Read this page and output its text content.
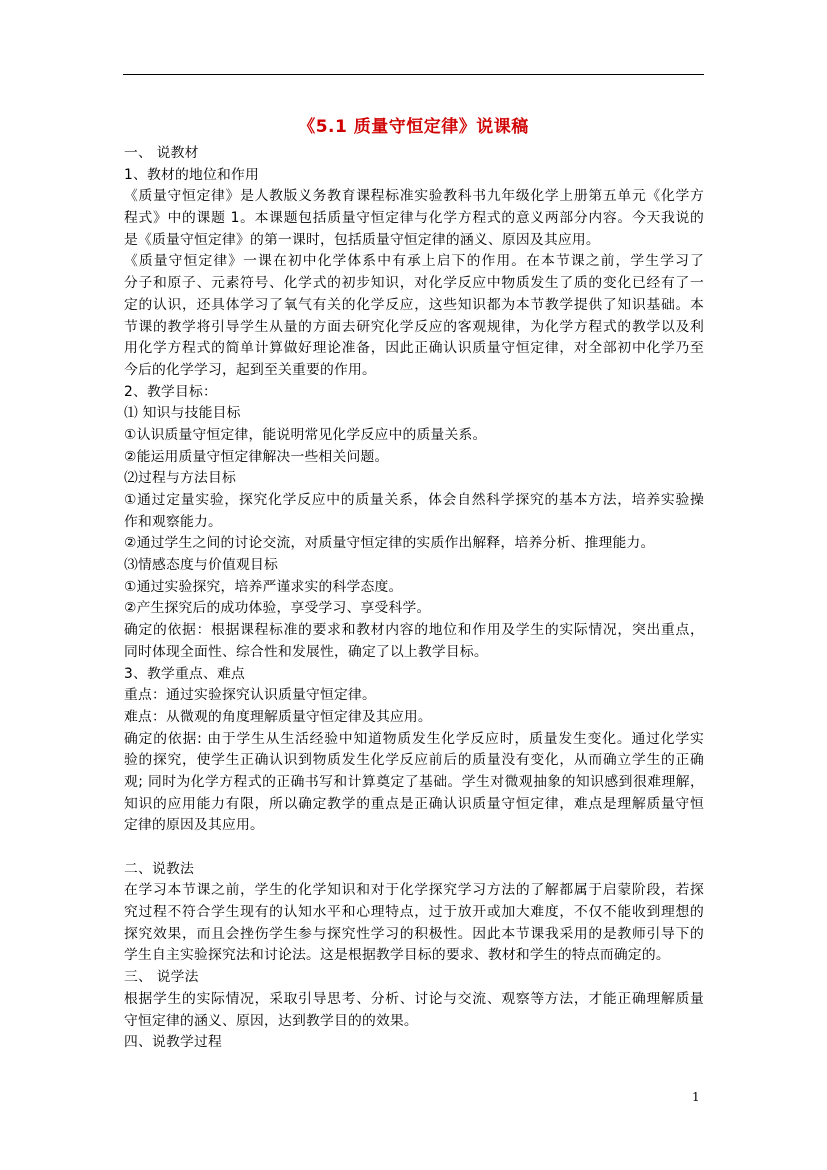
《5.1 质量守恒定律》说课稿
一、 说教材
1、教材的地位和作用
《质量守恒定律》是人教版义务教育课程标准实验教科书九年级化学上册第五单元《化学方
程式》中的课题 1。本课题包括质量守恒定律与化学方程式的意义两部分内容。今天我说的
是《质量守恒定律》的第一课时，包括质量守恒定律的涵义、原因及其应用。
《质量守恒定律》一课在初中化学体系中有承上启下的作用。在本节课之前，学生学习了
分子和原子、元素符号、化学式的初步知识，对化学反应中物质发生了质的变化已经有了一
定的认识，还具体学习了氧气有关的化学反应，这些知识都为本节教学提供了知识基础。本
节课的教学将引导学生从量的方面去研究化学反应的客观规律，为化学方程式的教学以及利
用化学方程式的简单计算做好理论准备，因此正确认识质量守恒定律，对全部初中化学乃至
今后的化学学习，起到至关重要的作用。
2、教学目标：
⑴ 知识与技能目标
①认识质量守恒定律，能说明常见化学反应中的质量关系。
②能运用质量守恒定律解决一些相关问题。
⑵过程与方法目标
①通过定量实验，探究化学反应中的质量关系，体会自然科学探究的基本方法，培养实验操
作和观察能力。
②通过学生之间的讨论交流，对质量守恒定律的实质作出解释，培养分析、推理能力。
⑶情感态度与价值观目标
①通过实验探究，培养严谨求实的科学态度。
②产生探究后的成功体验，享受学习、享受科学。
确定的依据：根据课程标准的要求和教材内容的地位和作用及学生的实际情况，突出重点，
同时体现全面性、综合性和发展性，确定了以上教学目标。
3、教学重点、难点
重点：通过实验探究认识质量守恒定律。
难点：从微观的角度理解质量守恒定律及其应用。
确定的依据: 由于学生从生活经验中知道物质发生化学反应时，质量发生变化。通过化学实
验的探究，使学生正确认识到物质发生化学反应前后的质量没有变化，从而确立学生的正确
观; 同时为化学方程式的正确书写和计算奠定了基础。学生对微观抽象的知识感到很难理解，
知识的应用能力有限，所以确定教学的重点是正确认识质量守恒定律，难点是理解质量守恒
定律的原因及其应用。
二、说教法
在学习本节课之前，学生的化学知识和对于化学探究学习方法的了解都属于启蒙阶段，若探
究过程不符合学生现有的认知水平和心理特点，过于放开或加大难度，不仅不能收到理想的
探究效果，而且会挫伤学生参与探究性学习的积极性。因此本节课我采用的是教师引导下的
学生自主实验探究法和讨论法。这是根据教学目标的要求、教材和学生的特点而确定的。
三、 说学法
根据学生的实际情况，采取引导思考、分析、讨论与交流、观察等方法，才能正确理解质量
守恒定律的涵义、原因，达到教学目的的效果。
四、说教学过程
1
